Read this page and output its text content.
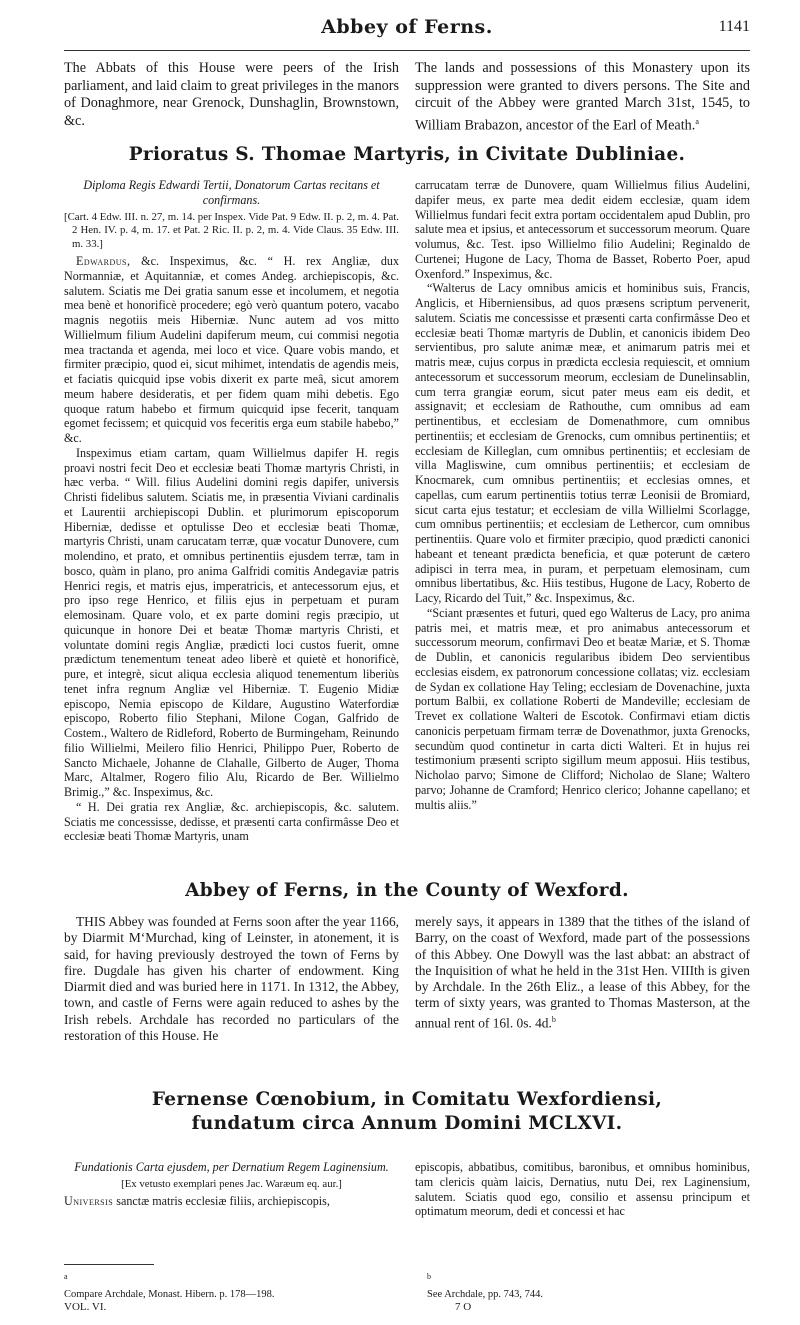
Abbey of Ferns.	1141

The Abbats of this House were peers of the Irish parliament, and laid claim to great privileges in the manors of Donaghmore, near Grenock, Dunshaglin, Brownstown, &c.

The lands and possessions of this Monastery upon its suppression were granted to divers persons. The Site and circuit of the Abbey were granted March 31st, 1545, to William Brabazon, ancestor of the Earl of Meath.$^a$

Prioratus S. Thomae Martyris, in Civitate Dubliniae.

Diploma Regis Edwardi Tertii, Donatorum Cartas recitans et confirmans.

[Cart. 4 Edw. III. n. 27, m. 14. per Inspex. Vide Pat. 9 Edw. II. p. 2, m. 4. Pat. 2 Hen. IV. p. 4, m. 17. et Pat. 2 Ric. II. p. 2, m. 4. Vide Claus. 35 Edw. III. m. 33.]

Edwardus, &c. Inspeximus, &c. “ H. rex Angliæ, dux Normanniæ, et Aquitanniæ, et comes Andeg. archiepiscopis, &c. salutem. Sciatis me Dei gratia sanum esse et incolumem, et negotia mea benè et honorificè procedere; egò verò quantum potero, vacabo magnis negotiis meis Hiberniæ. Nunc autem ad vos mitto Willielmum filium Audelini dapiferum meum, cui commisi negotia mea tractanda et agenda, mei loco et vice. Quare vobis mando, et firmiter præcipio, quod ei, sicut mihimet, intendatis de agendis meis, et faciatis quicquid ipse vobis dixerit ex parte meâ, sicut amorem meum habere desideratis, et per fidem quam mihi debetis. Ego quoque ratum habebo et firmum quicquid ipse fecerit, tanquam egomet fecissem; et quicquid vos feceritis erga eum stabile habebo,” &c.

Inspeximus etiam cartam, quam Willielmus dapifer H. regis proavi nostri fecit Deo et ecclesiæ beati Thomæ martyris Christi, in hæc verba. “ Will. filius Audelini domini regis dapifer, universis Christi fidelibus salutem. Sciatis me, in præsentia Viviani cardinalis et Laurentii archiepiscopi Dublin. et plurimorum episcoporum Hiberniæ, dedisse et optulisse Deo et ecclesiæ beati Thomæ, martyris Christi, unam carucatam terræ, quæ vocatur Dunovere, cum molendino, et prato, et omnibus pertinentiis ejusdem terræ, tam in bosco, quàm in plano, pro anima Galfridi comitis Andegaviæ patris Henrici regis, et matris ejus, imperatricis, et antecessorum ejus, et pro ipso rege Henrico, et filiis ejus in perpetuam et puram elemosinam. Quare volo, et ex parte domini regis præcipio, ut quicunque in honore Dei et beatæ Thomæ martyris Christi, et voluntate domini regis Angliæ, prædicti loci custos fuerit, omne prædictum tenementum teneat adeo liberè et quietè et honorificè, pure, et integrè, sicut aliqua ecclesia aliquod tenementum liberiùs tenet infra regnum Angliæ vel Hiberniæ. T. Eugenio Midiæ episcopo, Nemia episcopo de Kildare, Augustino Waterfordiæ episcopo, Roberto filio Stephani, Milone Cogan, Galfrido de Costem., Waltero de Ridleford, Roberto de Burmingeham, Reinundo filio Willielmi, Meilero filio Henrici, Philippo Puer, Roberto de Sancto Michaele, Johanne de Clahalle, Gilberto de Auger, Thoma Marc, Altalmer, Rogero filio Alu, Ricardo de Ber. Willielmo Brimig.,” &c. Inspeximus, &c.

“ H. Dei gratia rex Angliæ, &c. archiepiscopis, &c. salutem. Sciatis me concessisse, dedisse, et præsenti carta confirmâsse Deo et ecclesiæ beati Thomæ Martyris, unam

carrucatam terræ de Dunovere, quam Willielmus filius Audelini, dapifer meus, ex parte mea dedit eidem ecclesiæ, quam idem Willielmus fundari fecit extra portam occidentalem apud Dublin, pro salute mea et ipsius, et antecessorum et successorum meorum. Quare volumus, &c. Test. ipso Willielmo filio Audelini; Reginaldo de Curtenei; Hugone de Lacy, Thoma de Basset, Roberto Poer, apud Oxenford.” Inspeximus, &c.

“Walterus de Lacy omnibus amicis et hominibus suis, Francis, Anglicis, et Hiberniensibus, ad quos præsens scriptum pervenerit, salutem. Sciatis me concessisse et præsenti carta confirmâsse Deo et ecclesiæ beati Thomæ martyris de Dublin, et canonicis ibidem Deo servientibus, pro salute animæ meæ, et animarum patris mei et matris meæ, cujus corpus in prædicta ecclesia requiescit, et omnium antecessorum et successorum meorum, ecclesiam de Dunelinsablin, cum terra grangiæ eorum, sicut pater meus eam eis dedit, et assignavit; et ecclesiam de Rathouthe, cum omnibus ad eam pertinentibus, et ecclesiam de Domenathmore, cum omnibus pertinentiis; et ecclesiam de Grenocks, cum omnibus pertinentiis; et ecclesiam de Killeglan, cum omnibus pertinentiis; et ecclesiam de villa Magliswine, cum omnibus pertinentiis; et ecclesiam de Knocmarek, cum omnibus pertinentiis; et ecclesias omnes, et capellas, cum earum pertinentiis totius terræ Leonisii de Bromiard, sicut carta ejus testatur; et ecclesiam de villa Willielmi Scorlagge, cum omnibus pertinentiis; et ecclesiam de Lethercor, cum omnibus pertinentiis. Quare volo et firmiter præcipio, quod prædicti canonici habeant et teneant prædicta beneficia, et quæ poterunt de cætero adipisci in terra mea, in puram, et perpetuam elemosinam, cum omnibus libertatibus, &c. Hiis testibus, Hugone de Lacy, Roberto de Lacy, Ricardo del Tuit,” &c. Inspeximus, &c.

“Sciant præsentes et futuri, qued ego Walterus de Lacy, pro anima patris mei, et matris meæ, et pro animabus antecessorum et successorum meorum, confirmavi Deo et beatæ Mariæ, et S. Thomæ de Dublin, et canonicis regularibus ibidem Deo servientibus ecclesias eisdem, ex patronorum concessione collatas; viz. ecclesiam de Sydan ex collatione Hay Teling; ecclesiam de Dovenachine, juxta portum Balbii, ex collatione Roberti de Mandeville; ecclesiam de Trevet ex collatione Walteri de Escotok. Confirmavi etiam dictis canonicis perpetuam firmam terræ de Dovenathmor, juxta Grenocks, secundùm quod continetur in carta dicti Walteri. Et in hujus rei testimonium præsenti scripto sigillum meum apposui. Hiis testibus, Nicholao parvo; Simone de Clifford; Nicholao de Slane; Waltero parvo; Johanne de Cramford; Henrico clerico; Johanne capellano; et multis aliis.”

Abbey of Ferns, in the County of Wexford.

THIS Abbey was founded at Ferns soon after the year 1166, by Diarmit M‘Murchad, king of Leinster, in atonement, it is said, for having previously destroyed the town of Ferns by fire. Dugdale has given his charter of endowment. King Diarmit died and was buried here in 1171. In 1312, the Abbey, town, and castle of Ferns were again reduced to ashes by the Irish rebels. Archdale has recorded no particulars of the restoration of this House. He

merely says, it appears in 1389 that the tithes of the island of Barry, on the coast of Wexford, made part of the possessions of this Abbey. One Dowyll was the last abbat: an abstract of the Inquisition of what he held in the 31st Hen. VIIIth is given by Archdale. In the 26th Eliz., a lease of this Abbey, for the term of sixty years, was granted to Thomas Masterson, at the annual rent of 16l. 0s. 4d.$^b$

Fernense Cœnobium, in Comitatu Wexfordiensi, fundatum circa Annum Domini MCLXVI.

Fundationis Carta ejusdem, per Dernatium Regem Laginensium.

[Ex vetusto exemplari penes Jac. Waræum eq. aur.]

Universis sanctæ matris ecclesiæ filiis, archiepiscopis,

episcopis, abbatibus, comitibus, baronibus, et omnibus hominibus, tam clericis quàm laicis, Dernatius, nutu Dei, rex Laginensium, salutem. Sciatis quod ego, consilio et assensu principum et optimatum meorum, dedi et concessi et hac

$^a$
Compare Archdale, Monast. Hibern. p. 178—198.
$^b$
See Archdale, pp. 743, 744.
VOL. VI.	7 O
